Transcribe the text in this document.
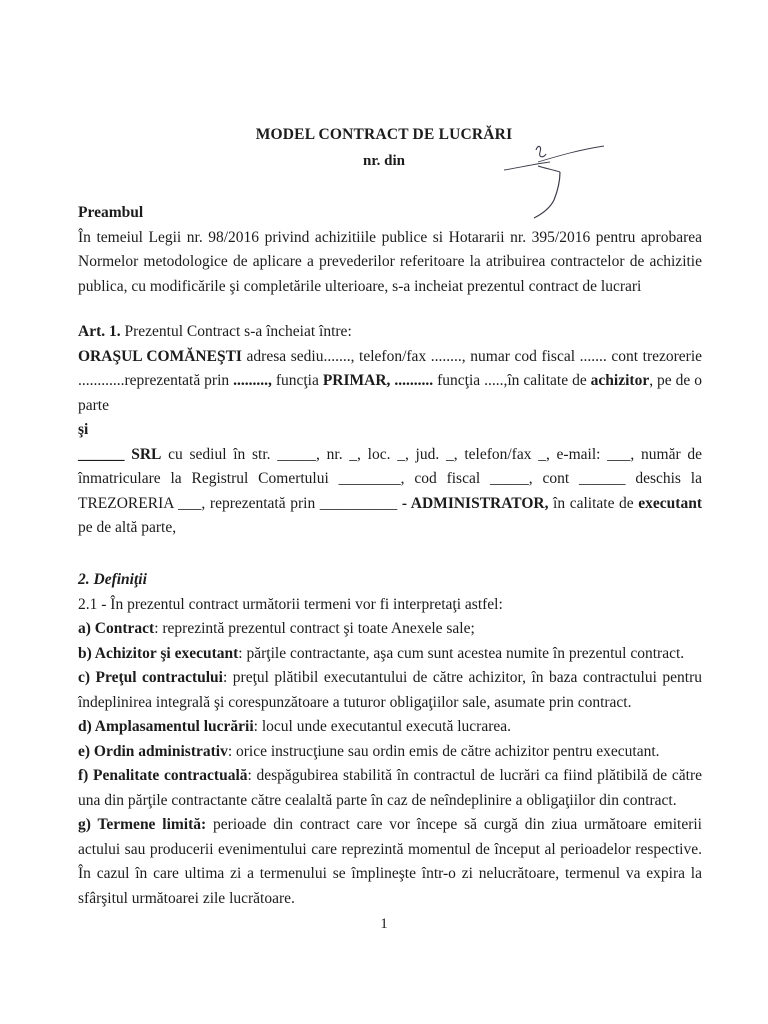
MODEL CONTRACT DE LUCRĂRI
nr. din

Preambul

În temeiul Legii nr. 98/2016 privind achizitiile publice si Hotararii nr. 395/2016 pentru aprobarea Normelor metodologice de aplicare a prevederilor referitoare la atribuirea contractelor de achizitie publica, cu modificările şi completările ulterioare, s-a incheiat prezentul contract de lucrari

Art. 1. Prezentul Contract s-a încheiat între:

ORAŞUL COMĂNEŞTI adresa sediu......., telefon/fax ........, numar cod fiscal ....... cont trezorerie ............reprezentată prin ........., funcţia PRIMAR, .......... funcţia .....,în calitate de achizitor, pe de o parte

şi

______ SRL cu sediul în str. _____, nr. _, loc. _, jud. _, telefon/fax _, e-mail: ___, număr de înmatriculare la Registrul Comertului ________, cod fiscal _____, cont ______ deschis la TREZORERIA ___, reprezentată prin __________ - ADMINISTRATOR, în calitate de executant pe de altă parte,

2. Definiţii

2.1 - În prezentul contract următorii termeni vor fi interpretaţi astfel:

a) Contract: reprezintă prezentul contract şi toate Anexele sale;

b) Achizitor şi executant: părţile contractante, aşa cum sunt acestea numite în prezentul contract.

c) Preţul contractului: preţul plătibil executantului de către achizitor, în baza contractului pentru îndeplinirea integrală şi corespunzătoare a tuturor obligaţiilor sale, asumate prin contract.

d) Amplasamentul lucrării: locul unde executantul execută lucrarea.

e) Ordin administrativ: orice instrucţiune sau ordin emis de către achizitor pentru executant.

f) Penalitate contractuală: despăgubirea stabilită în contractul de lucrări ca fiind plătibilă de către una din părţile contractante către cealaltă parte în caz de neîndeplinire a obligaţiilor din contract.

g) Termene limită: perioade din contract care vor începe să curgă din ziua următoare emiterii actului sau producerii evenimentului care reprezintă momentul de început al perioadelor respective. În cazul în care ultima zi a termenului se împlineşte într-o zi nelucrătoare, termenul va expira la sfârşitul următoarei zile lucrătoare.

1
